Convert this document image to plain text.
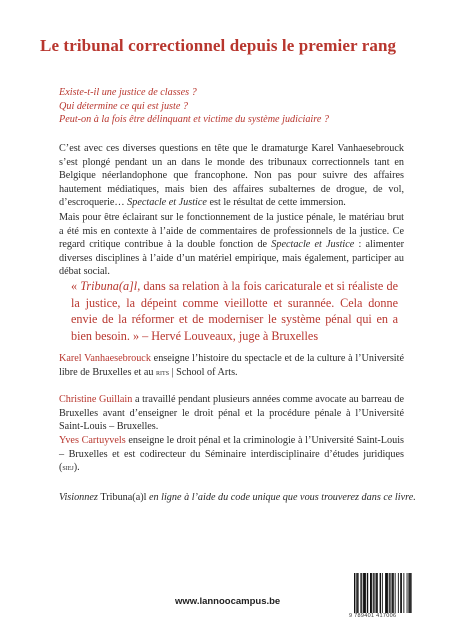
Le tribunal correctionnel depuis le premier rang
Existe-t-il une justice de classes ?
Qui détermine ce qui est juste ?
Peut-on à la fois être délinquant et victime du système judiciaire ?
C’est avec ces diverses questions en tête que le dramaturge Karel Vanhaesebrouck s’est plongé pendant un an dans le monde des tribunaux correctionnels tant en Belgique néerlandophone que francophone. Non pas pour suivre des affaires hautement médiatiques, mais bien des affaires subalternes de drogue, de vol, d’escroquerie… Spectacle et Justice est le résultat de cette immersion.
Mais pour être éclairant sur le fonctionnement de la justice pénale, le matériau brut a été mis en contexte à l’aide de commentaires de professionnels de la justice. Ce regard critique contribue à la double fonction de Spectacle et Justice : alimenter diverses disciplines à l’aide d’un matériel empirique, mais également, participer au débat social.
« Tribuna(a]l, dans sa relation à la fois caricaturale et si réaliste de la justice, la dépeint comme vieillotte et surannée. Cela donne envie de la réformer et de moderniser le système pénal qui en a bien besoin. » – Hervé Louveaux, juge à Bruxelles
Karel Vanhaesebrouck enseigne l’histoire du spectacle et de la culture à l’Université libre de Bruxelles et au rits | School of Arts.
Christine Guillain a travaillé pendant plusieurs années comme avocate au barreau de Bruxelles avant d’enseigner le droit pénal et la procédure pénale à l’Université Saint-Louis – Bruxelles.
Yves Cartuyvels enseigne le droit pénal et la criminologie à l’Université Saint-Louis – Bruxelles et est codirecteur du Séminaire interdisciplinaire d’études juridiques (siej).
Visionnez Tribuna(a)l en ligne à l’aide du code unique que vous trouverez dans ce livre.
www.lannoocampus.be
9 789401 417006
